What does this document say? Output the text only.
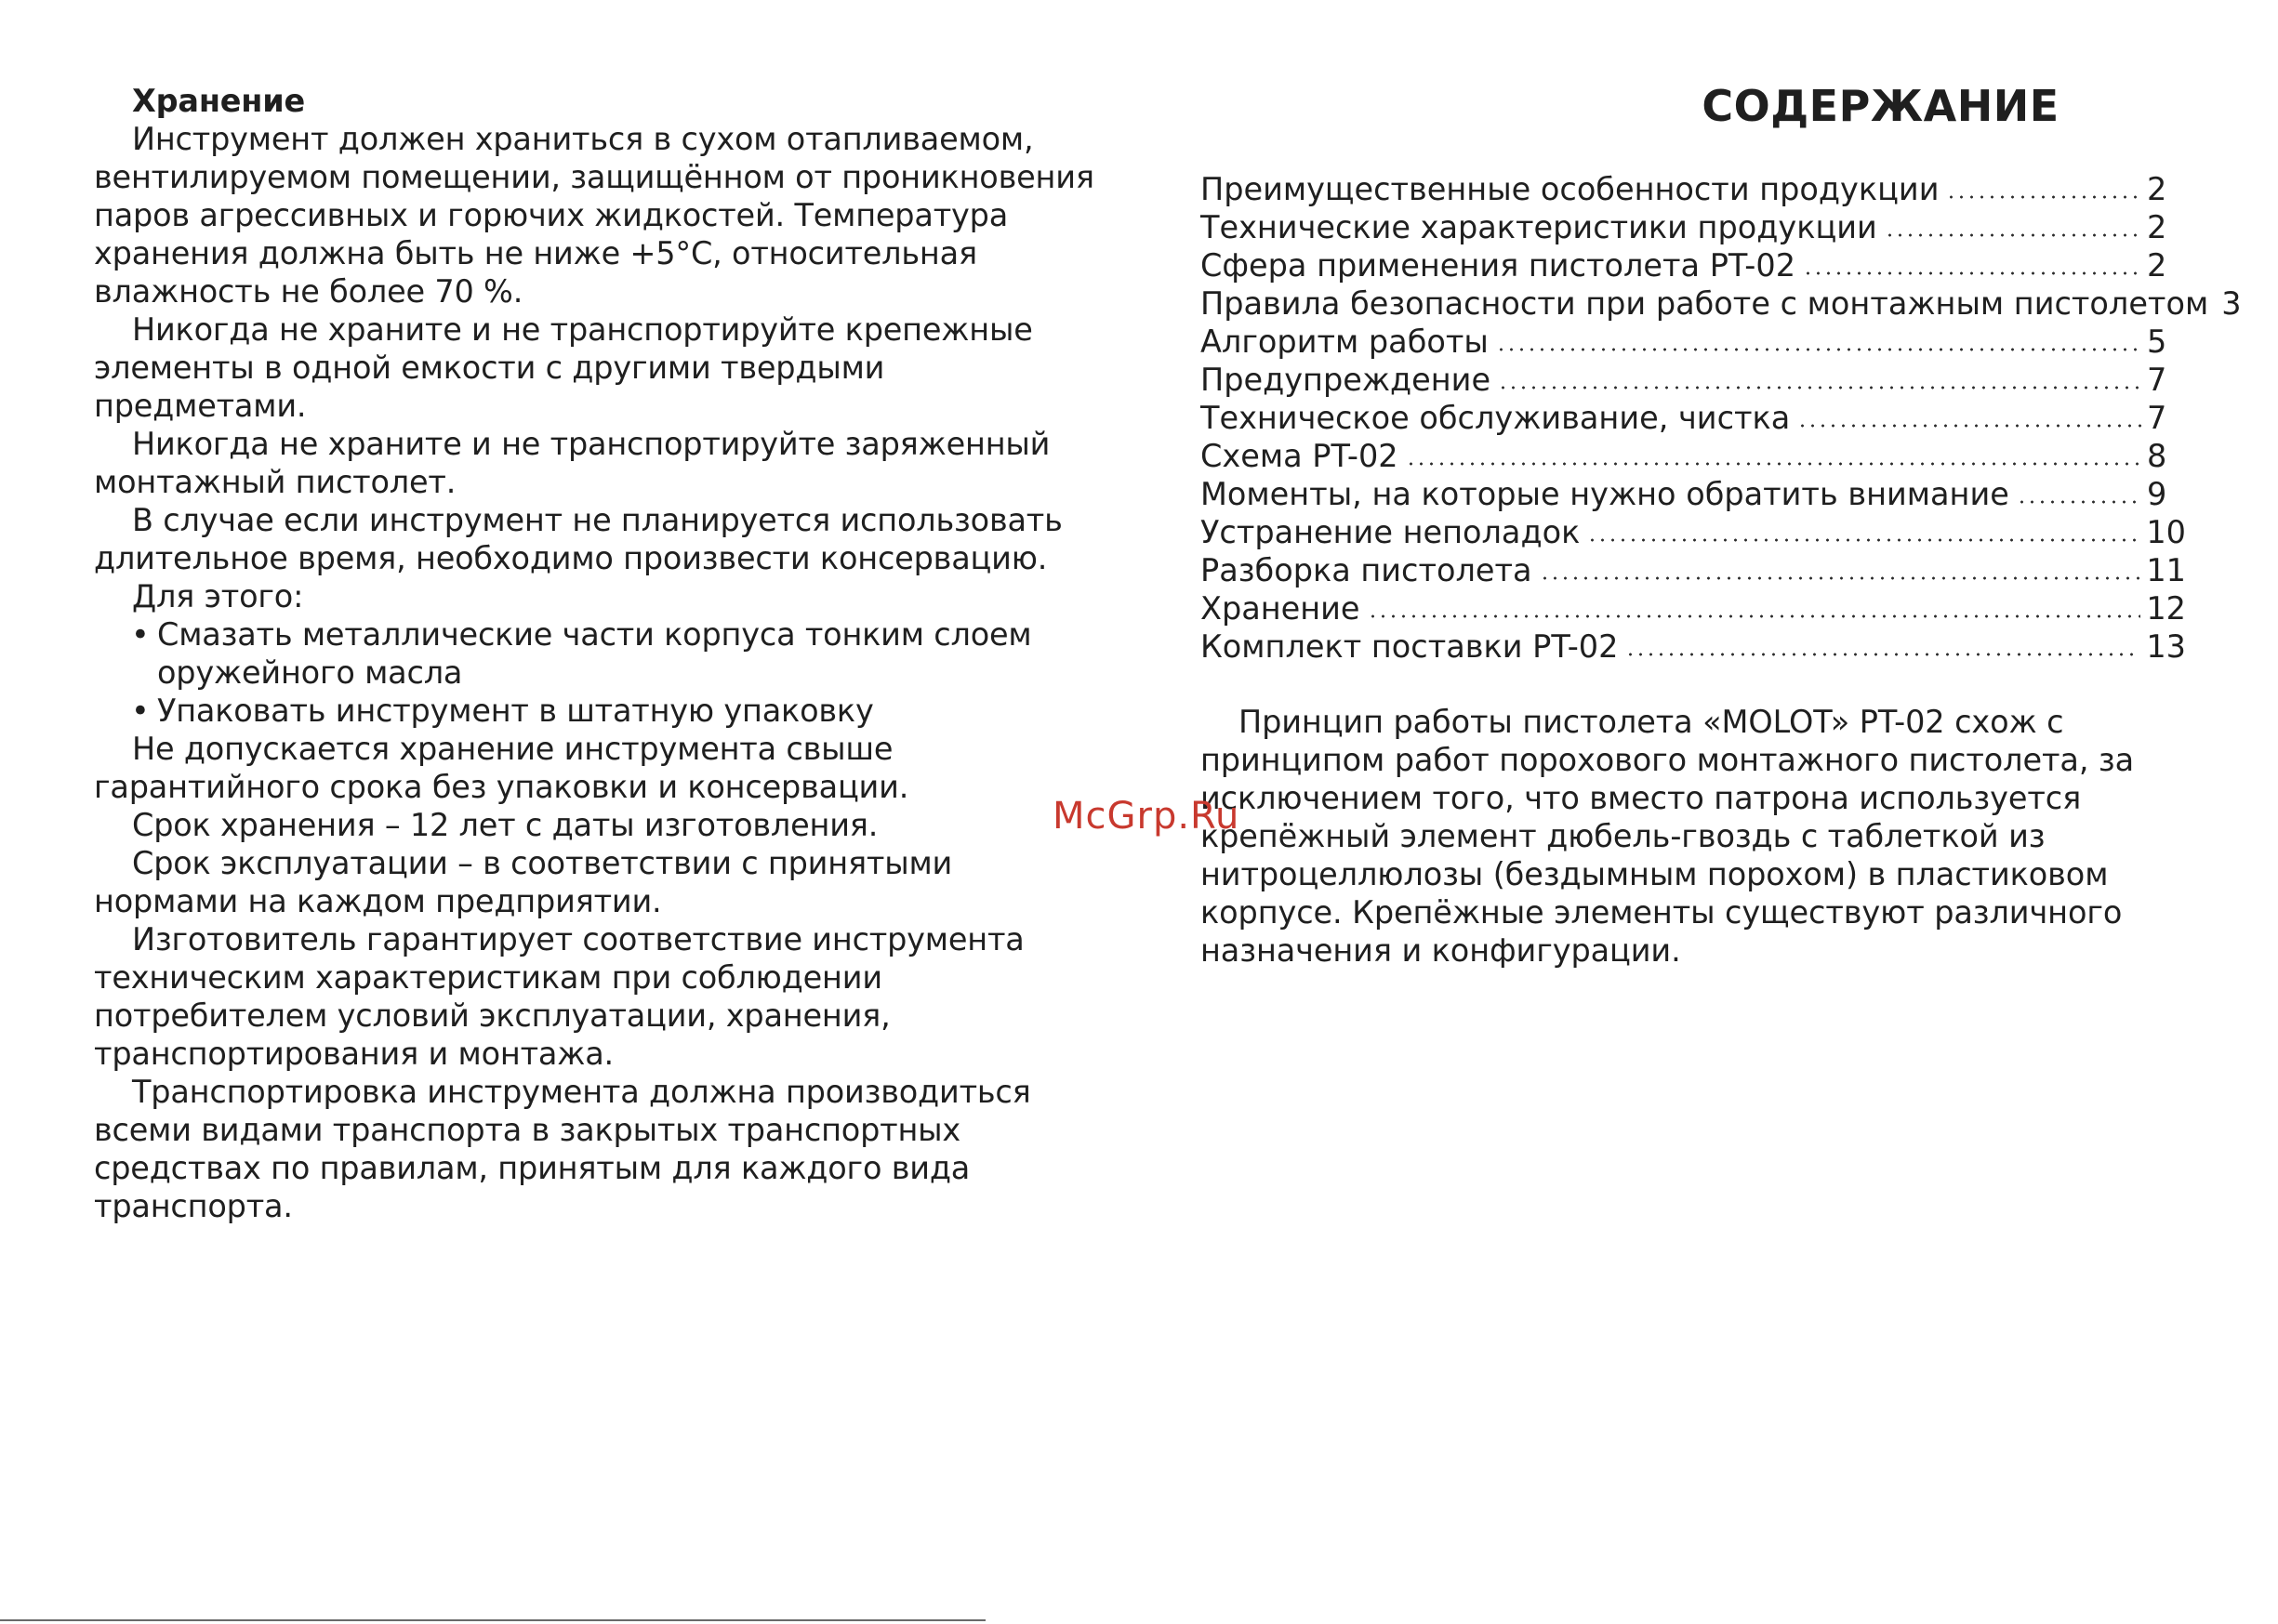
Хранение

Инструмент должен храниться в сухом отапливаемом, вентилируемом помещении, защищённом от проникновения паров агрессивных и горючих жидкостей. Температура хранения должна быть не ниже +5°С, относительная влажность не более 70 %.

Никогда не храните и не транспортируйте крепежные элементы в одной емкости с другими твердыми предметами.

Никогда не храните и не транспортируйте заряженный монтажный пистолет.

В случае если инструмент не планируется использовать длительное время, необходимо произвести консервацию.

Для этого:

• Смазать металлические части корпуса тонким слоем оружейного масла
• Упаковать инструмент в штатную упаковку

Не допускается хранение инструмента свыше гарантийного срока без упаковки и консервации.

Срок хранения – 12 лет с даты изготовления.

Срок эксплуатации – в соответствии с принятыми нормами на каждом предприятии.

Изготовитель гарантирует соответствие инструмента техническим характеристикам при соблюдении потребителем условий эксплуатации, хранения, транспортирования и монтажа.

Транспортировка инструмента должна производиться всеми видами транспорта в закрытых транспортных средствах по правилам, принятым для каждого вида транспорта.

СОДЕРЖАНИЕ
Преимущественные особенности продукции	2
Технические характеристики продукции	2
Сфера применения пистолета PT-02	2
Правила безопасности при работе с монтажным пистолетом 3
Алгоритм работы	5
Предупреждение	7
Техническое обслуживание, чистка	7
Схема PT-02	8
Моменты, на которые нужно обратить внимание	9
Устранение неполадок	10
Разборка пистолета	11
Хранение	12
Комплект поставки PT-02	13

Принцип работы пистолета «MOLOT» PT-02 схож с принципом работ порохового монтажного пистолета, за исключением того, что вместо патрона используется крепёжный элемент дюбель-гвоздь с таблеткой из нитроцеллюлозы (бездымным порохом) в пластиковом корпусе. Крепёжные элементы существуют различного назначения и конфигурации.

McGrp.Ru
